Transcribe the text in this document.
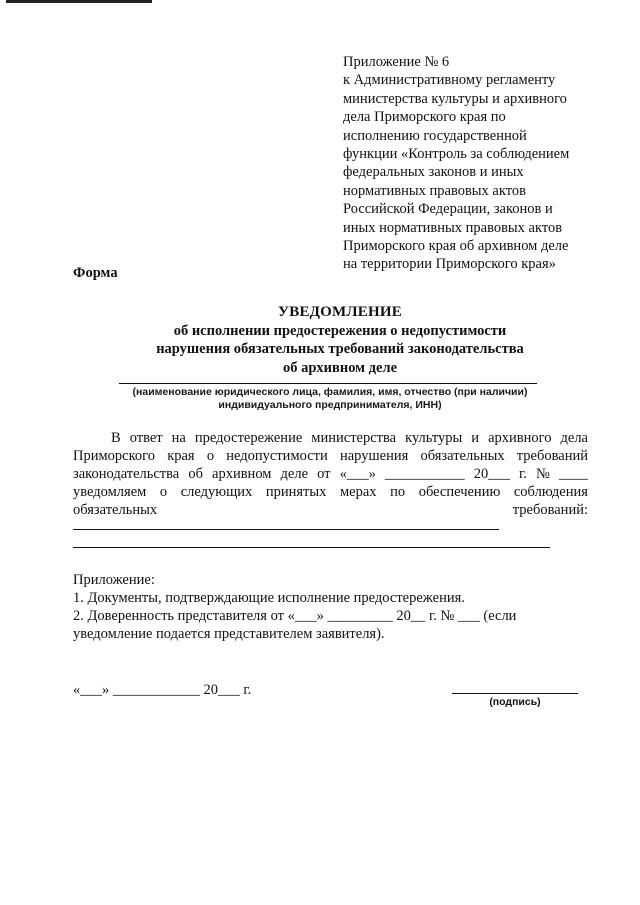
Приложение № 6
к Административному регламенту
министерства культуры и архивного
дела Приморского края по
исполнению государственной
функции «Контроль за соблюдением
федеральных законов и иных
нормативных правовых актов
Российской Федерации, законов и
иных нормативных правовых актов
Приморского края об архивном деле
на территории Приморского края»
Форма
УВЕДОМЛЕНИЕ
об исполнении предостережения о недопустимости
нарушения обязательных требований законодательства
об архивном деле
(наименование юридического лица, фамилия, имя, отчество (при наличии)
индивидуального предпринимателя, ИНН)
В ответ на предостережение министерства культуры и архивного дела
Приморского края о недопустимости нарушения обязательных требований
законодательства об архивном деле от «___» ___________ 20___ г. № ____
уведомляем о следующих принятых мерах по обеспечению соблюдения
обязательных	требований:
Приложение:
1. Документы, подтверждающие исполнение предостережения.
2. Доверенность представителя от «___» _________ 20__ г. № ___ (если
уведомление подается представителем заявителя).
«___» ____________ 20___ г.
(подпись)
